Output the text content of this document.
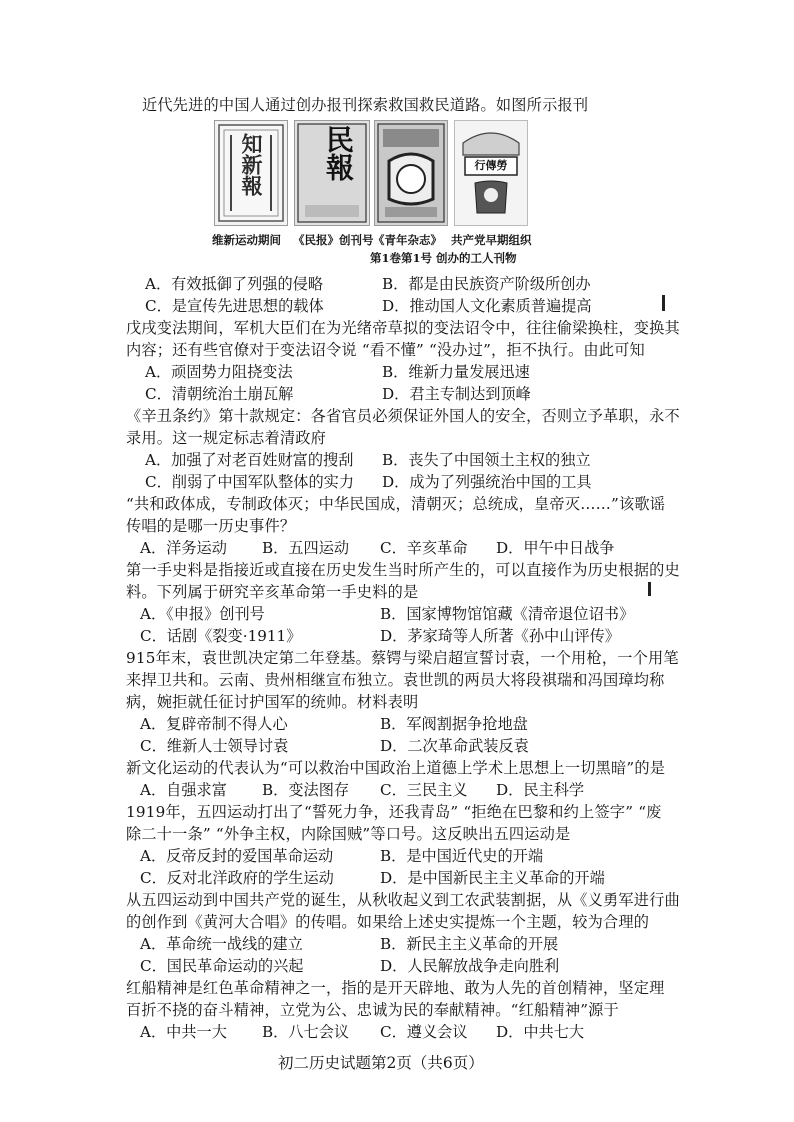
近代先进的中国人通过创办报刊探索救国救民道路。如图所示报刊
知新報	民報	行傳勞
维新运动期间 《民报》创刊号 《青年杂志》 共产党早期组织
第1卷第1号 创办的工人刊物
A．有效抵御了列强的侵略	B．都是由民族资产阶级所创办
C．是宣传先进思想的载体	D．推动国人文化素质普遍提高
戊戌变法期间，军机大臣们在为光绪帝草拟的变法诏令中，往往偷梁换柱，变换其
内容；还有些官僚对于变法诏令说 “看不懂” “没办过”，拒不执行。由此可知
A．顽固势力阻挠变法	B．维新力量发展迅速
C．清朝统治土崩瓦解	D．君主专制达到顶峰
《辛丑条约》第十款规定：各省官员必须保证外国人的安全，否则立予革职，永不
录用。这一规定标志着清政府
A．加强了对老百姓财富的搜刮 B．丧失了中国领土主权的独立
C．削弱了中国军队整体的实力 D．成为了列强统治中国的工具
“共和政体成，专制政体灭；中华民国成，清朝灭；总统成，皇帝灭……”该歌谣
传唱的是哪一历史事件？
A．洋务运动 B．五四运动 C．辛亥革命 D．甲午中日战争
第一手史料是指接近或直接在历史发生当时所产生的，可以直接作为历史根据的史
料。下列属于研究辛亥革命第一手史料的是
A．《申报》创刊号	B．国家博物馆馆藏《清帝退位诏书》
C．话剧《裂变·1911》	D．茅家琦等人所著《孙中山评传》
915年末，袁世凯决定第二年登基。蔡锷与梁启超宣誓讨袁，一个用枪，一个用笔
来捍卫共和。云南、贵州相继宣布独立。袁世凯的两员大将段祺瑞和冯国璋均称
病，婉拒就任征讨护国军的统帅。材料表明
A．复辟帝制不得人心	B．军阀割据争抢地盘
C．维新人士领导讨袁	D．二次革命武装反袁
新文化运动的代表认为“可以救治中国政治上道德上学术上思想上一切黑暗”的是
A．自强求富 B．变法图存 C．三民主义 D．民主科学
1919年，五四运动打出了“誓死力争，还我青岛” “拒绝在巴黎和约上签字” “废
除二十一条” “外争主权，内除国贼”等口号。这反映出五四运动是
A．反帝反封的爱国革命运动	B．是中国近代史的开端
C．反对北洋政府的学生运动	D．是中国新民主主义革命的开端
从五四运动到中国共产党的诞生，从秋收起义到工农武装割据，从《义勇军进行曲
的创作到《黄河大合唱》的传唱。如果给上述史实提炼一个主题，较为合理的
A．革命统一战线的建立	B．新民主主义革命的开展
C．国民革命运动的兴起	D．人民解放战争走向胜利
红船精神是红色革命精神之一，指的是开天辟地、敢为人先的首创精神，坚定理
百折不挠的奋斗精神，立党为公、忠诚为民的奉献精神。“红船精神”源于
A．中共一大 B．八七会议 C．遵义会议 D．中共七大
初二历史试题第2页（共6页）
